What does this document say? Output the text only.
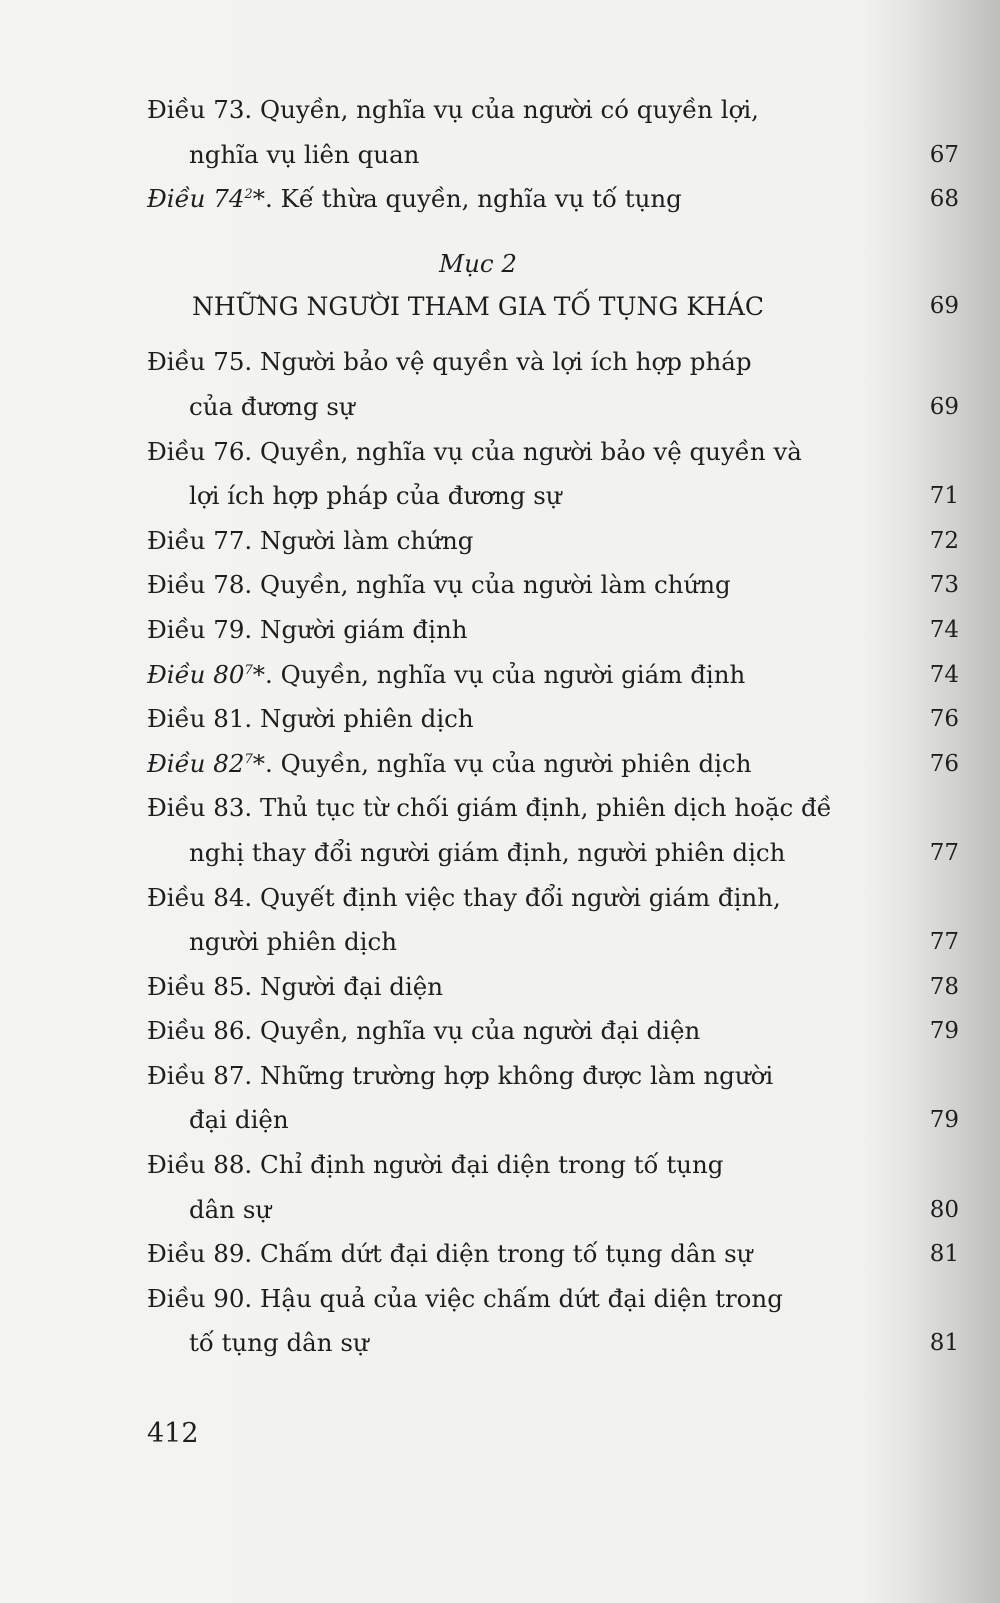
Điều 73. Quyền, nghĩa vụ của người có quyền lợi,
nghĩa vụ liên quan	67
Điều $74^2*$. Kế thừa quyền, nghĩa vụ tố tụng	68
Mục 2
NHỮNG NGƯỜI THAM GIA TỐ TỤNG KHÁC	69
Điều 75. Người bảo vệ quyền và lợi ích hợp pháp
của đương sự	69
Điều 76. Quyền, nghĩa vụ của người bảo vệ quyền và
lợi ích hợp pháp của đương sự	71
Điều 77. Người làm chứng	72
Điều 78. Quyền, nghĩa vụ của người làm chứng	73
Điều 79. Người giám định	74
Điều $80^7*$. Quyền, nghĩa vụ của người giám định	74
Điều 81. Người phiên dịch	76
Điều $82^7*$. Quyền, nghĩa vụ của người phiên dịch	76
Điều 83. Thủ tục từ chối giám định, phiên dịch hoặc đề
nghị thay đổi người giám định, người phiên dịch	77
Điều 84. Quyết định việc thay đổi người giám định,
người phiên dịch	77
Điều 85. Người đại diện	78
Điều 86. Quyền, nghĩa vụ của người đại diện	79
Điều 87. Những trường hợp không được làm người
đại diện	79
Điều 88. Chỉ định người đại diện trong tố tụng
dân sự	80
Điều 89. Chấm dứt đại diện trong tố tụng dân sự	81
Điều 90. Hậu quả của việc chấm dứt đại diện trong
tố tụng dân sự	81
412
